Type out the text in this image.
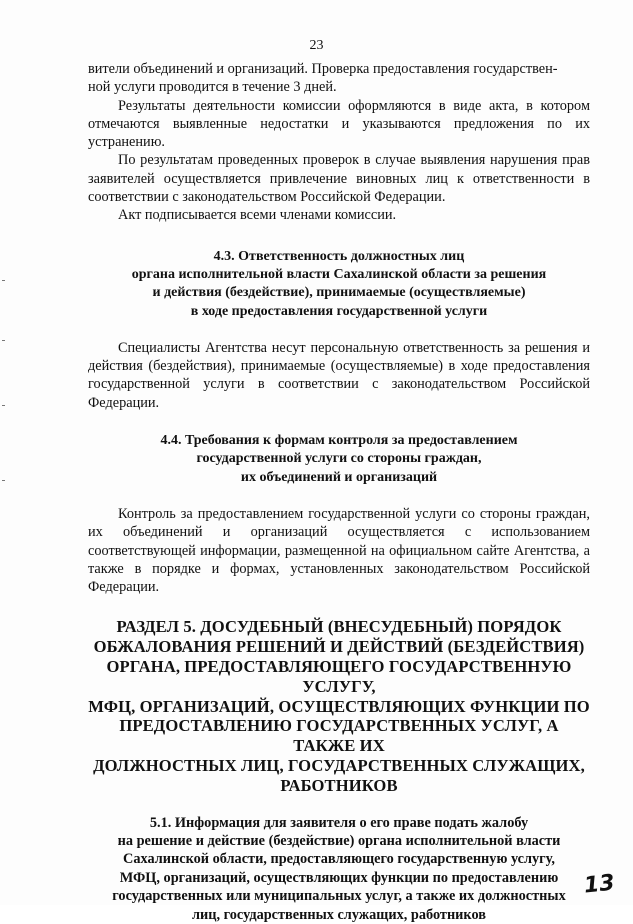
23

вители объединений и организаций. Проверка предоставления государствен-
ной услуги проводится в течение 3 дней.

Результаты деятельности комиссии оформляются в виде акта, в котором отмечаются выявленные недостатки и указываются предложения по их устранению.

По результатам проведенных проверок в случае выявления нарушения прав заявителей осуществляется привлечение виновных лиц к ответственности в соответствии с законодательством Российской Федерации.

Акт подписывается всеми членами комиссии.

4.3. Ответственность должностных лиц
органа исполнительной власти Сахалинской области за решения
и действия (бездействие), принимаемые (осуществляемые)
в ходе предоставления государственной услуги

Специалисты Агентства несут персональную ответственность за решения и действия (бездействия), принимаемые (осуществляемые) в ходе предоставления государственной услуги в соответствии с законодательством Российской Федерации.

4.4. Требования к формам контроля за предоставлением
государственной услуги со стороны граждан,
их объединений и организаций

Контроль за предоставлением государственной услуги со стороны граждан, их объединений и организаций осуществляется с использованием соответствующей информации, размещенной на официальном сайте Агентства, а также в порядке и формах, установленных законодательством Российской Федерации.

РАЗДЕЛ 5. ДОСУДЕБНЫЙ (ВНЕСУДЕБНЫЙ) ПОРЯДОК
ОБЖАЛОВАНИЯ РЕШЕНИЙ И ДЕЙСТВИЙ (БЕЗДЕЙСТВИЯ)
ОРГАНА, ПРЕДОСТАВЛЯЮЩЕГО ГОСУДАРСТВЕННУЮ УСЛУГУ,
МФЦ, ОРГАНИЗАЦИЙ, ОСУЩЕСТВЛЯЮЩИХ ФУНКЦИИ ПО
ПРЕДОСТАВЛЕНИЮ ГОСУДАРСТВЕННЫХ УСЛУГ, А ТАКЖЕ ИХ
ДОЛЖНОСТНЫХ ЛИЦ, ГОСУДАРСТВЕННЫХ СЛУЖАЩИХ,
РАБОТНИКОВ
5.1. Информация для заявителя о его праве подать жалобу
на решение и действие (бездействие) органа исполнительной власти
Сахалинской области, предоставляющего государственную услугу,
МФЦ, организаций, осуществляющих функции по предоставлению
государственных или муниципальных услуг, а также их должностных
лиц, государственных служащих, работников
13
